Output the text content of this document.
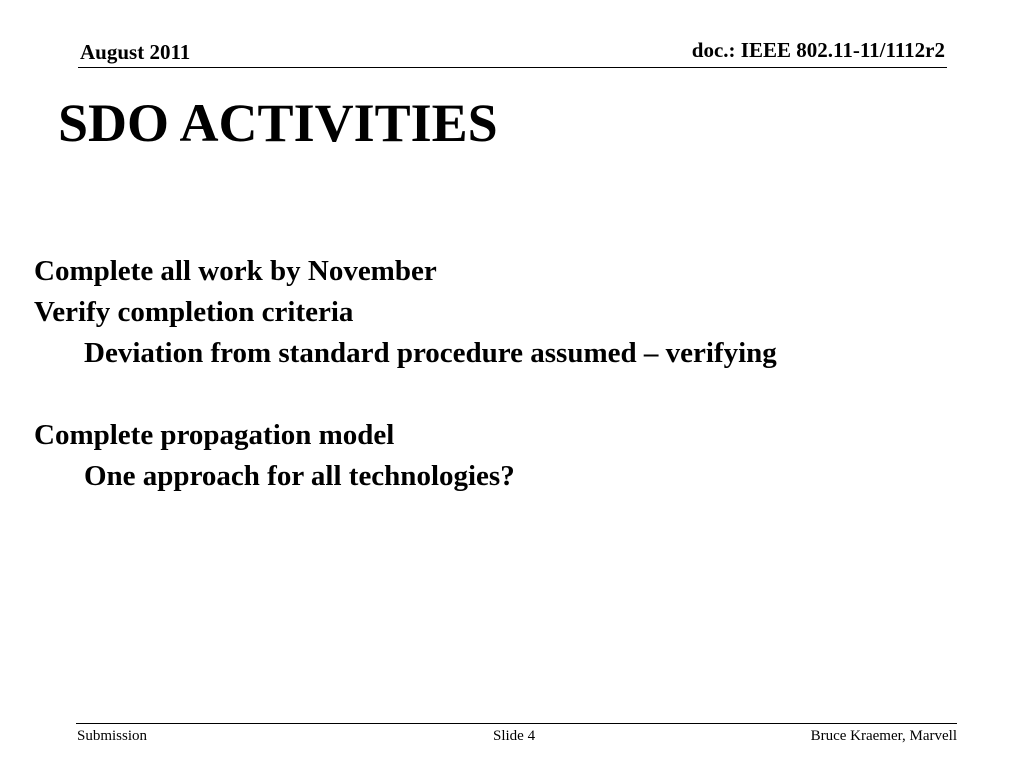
August 2011	doc.: IEEE 802.11-11/1112r2
SDO ACTIVITIES
Complete all work by November
Verify completion criteria
Deviation from standard procedure assumed – verifying
Complete propagation model
One approach for all technologies?
Submission	Slide 4	Bruce Kraemer, Marvell
